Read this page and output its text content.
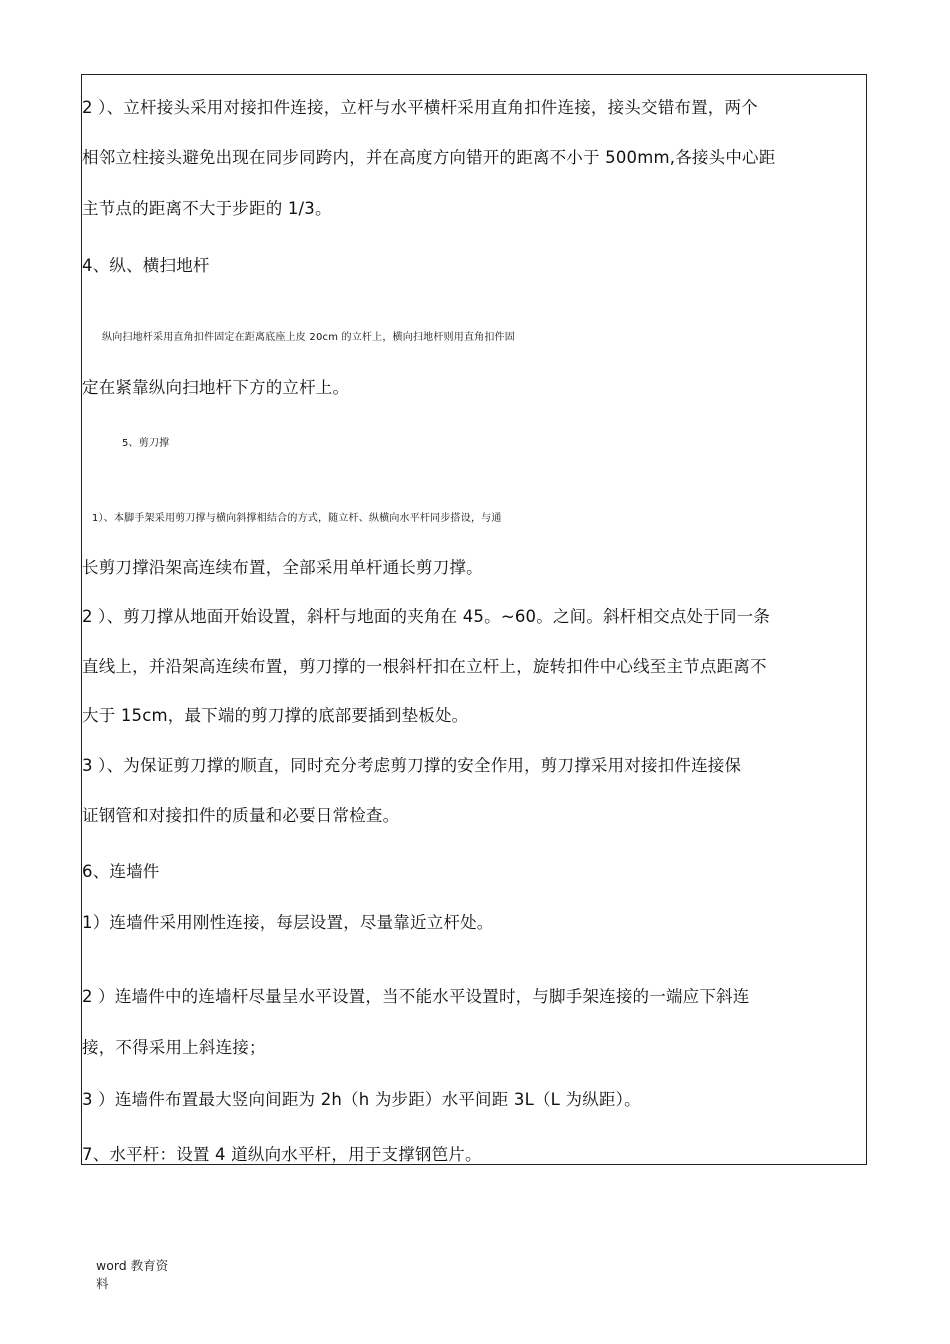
2 ）、立杆接头采用对接扣件连接，立杆与水平横杆采用直角扣件连接，接头交错布置，两个
相邻立柱接头避免出现在同步同跨内，并在高度方向错开的距离不小于 500mm,各接头中心距
主节点的距离不大于步距的 1/3。
4、纵、横扫地杆
纵向扫地杆采用直角扣件固定在距离底座上皮 20cm 的立杆上，横向扫地杆则用直角扣件固
定在紧靠纵向扫地杆下方的立杆上。
5、剪刀撑
1）、本脚手架采用剪刀撑与横向斜撑相结合的方式，随立杆、纵横向水平杆同步搭设，与通
长剪刀撑沿架高连续布置，全部采用单杆通长剪刀撑。
2 ）、剪刀撑从地面开始设置，斜杆与地面的夹角在 45。~60。之间。斜杆相交点处于同一条
直线上，并沿架高连续布置，剪刀撑的一根斜杆扣在立杆上，旋转扣件中心线至主节点距离不
大于 15cm，最下端的剪刀撑的底部要插到垫板处。
3 ）、为保证剪刀撑的顺直，同时充分考虑剪刀撑的安全作用，剪刀撑采用对接扣件连接保
证钢管和对接扣件的质量和必要日常检查。
6、连墙件
1）连墙件采用刚性连接，每层设置，尽量靠近立杆处。
2 ）连墙件中的连墙杆尽量呈水平设置，当不能水平设置时，与脚手架连接的一端应下斜连
接，不得采用上斜连接；
3 ）连墙件布置最大竖向间距为 2h（h 为步距）水平间距 3L（L 为纵距）。
7、水平杆：设置 4 道纵向水平杆，用于支撑钢笆片。
word 教育资料
